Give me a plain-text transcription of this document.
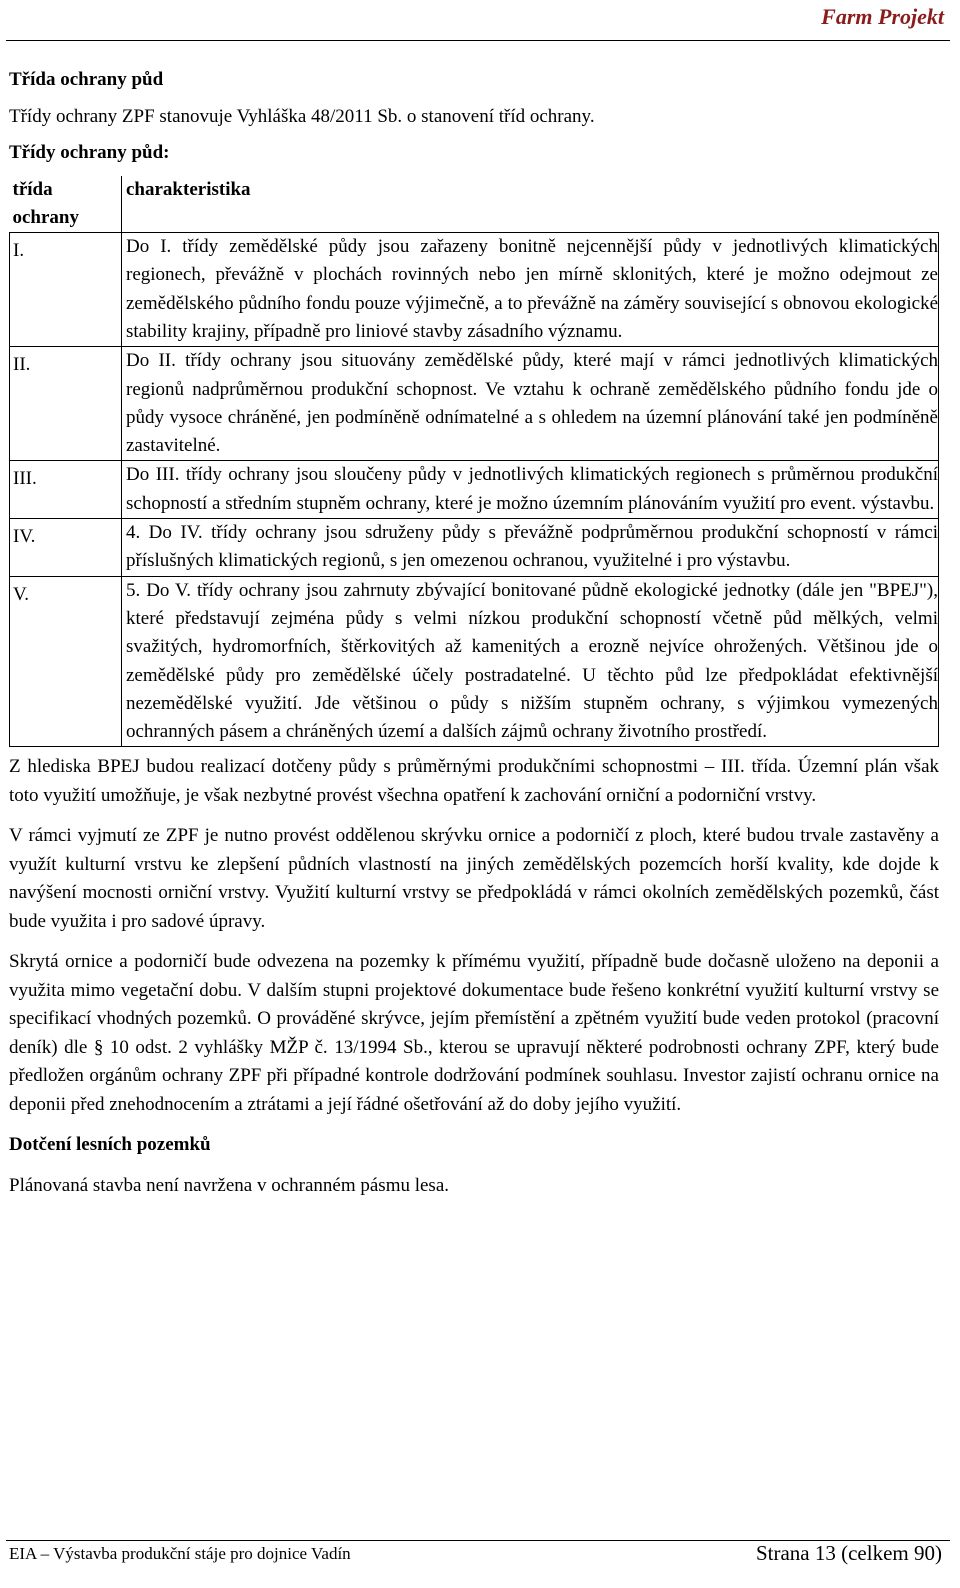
Farm Projekt

Třída ochrany půd

Třídy ochrany ZPF stanovuje Vyhláška 48/2011 Sb. o stanovení tříd ochrany.

Třídy ochrany půd:

třída ochrany	charakteristika
I.	Do I. třídy zemědělské půdy jsou zařazeny bonitně nejcennější půdy v jednotlivých klimatických regionech, převážně v plochách rovinných nebo jen mírně sklonitých, které je možno odejmout ze zemědělského půdního fondu pouze výjimečně, a to převážně na záměry související s obnovou ekologické stability krajiny, případně pro liniové stavby zásadního významu.
II.	Do II. třídy ochrany jsou situovány zemědělské půdy, které mají v rámci jednotlivých klimatických regionů nadprůměrnou produkční schopnost. Ve vztahu k ochraně zemědělského půdního fondu jde o půdy vysoce chráněné, jen podmíněně odnímatelné a s ohledem na územní plánování také jen podmíněně zastavitelné.
III.	Do III. třídy ochrany jsou sloučeny půdy v jednotlivých klimatických regionech s průměrnou produkční schopností a středním stupněm ochrany, které je možno územním plánováním využití pro event. výstavbu.
IV.	4. Do IV. třídy ochrany jsou sdruženy půdy s převážně podprůměrnou produkční schopností v rámci příslušných klimatických regionů, s jen omezenou ochranou, využitelné i pro výstavbu.
V.	5. Do V. třídy ochrany jsou zahrnuty zbývající bonitované půdně ekologické jednotky (dále jen "BPEJ"), které představují zejména půdy s velmi nízkou produkční schopností včetně půd mělkých, velmi svažitých, hydromorfních, štěrkovitých až kamenitých a erozně nejvíce ohrožených. Většinou jde o zemědělské půdy pro zemědělské účely postradatelné. U těchto půd lze předpokládat efektivnější nezemědělské využití. Jde většinou o půdy s nižším stupněm ochrany, s výjimkou vymezených ochranných pásem a chráněných území a dalších zájmů ochrany životního prostředí.

Z hlediska BPEJ budou realizací dotčeny půdy s průměrnými produkčními schopnostmi – III. třída. Územní plán však toto využití umožňuje, je však nezbytné provést všechna opatření k zachování orniční a podorniční vrstvy.

V rámci vyjmutí ze ZPF je nutno provést oddělenou skrývku ornice a podorničí z ploch, které budou trvale zastavěny a využít kulturní vrstvu ke zlepšení půdních vlastností na jiných zemědělských pozemcích horší kvality, kde dojde k navýšení mocnosti orniční vrstvy. Využití kulturní vrstvy se předpokládá v rámci okolních zemědělských pozemků, část bude využita i pro sadové úpravy.

Skrytá ornice a podorničí bude odvezena na pozemky k přímému využití, případně bude dočasně uloženo na deponii a využita mimo vegetační dobu. V dalším stupni projektové dokumentace bude řešeno konkrétní využití kulturní vrstvy se specifikací vhodných pozemků. O prováděné skrývce, jejím přemístění a zpětném využití bude veden protokol (pracovní deník) dle § 10 odst. 2 vyhlášky MŽP č. 13/1994 Sb., kterou se upravují některé podrobnosti ochrany ZPF, který bude předložen orgánům ochrany ZPF při případné kontrole dodržování podmínek souhlasu. Investor zajistí ochranu ornice na deponii před znehodnocením a ztrátami a její řádné ošetřování až do doby jejího využití.

Dotčení lesních pozemků

Plánovaná stavba není navržena v ochranném pásmu lesa.

EIA – Výstavba produkční stáje pro dojnice Vadín	Strana 13 (celkem 90)
